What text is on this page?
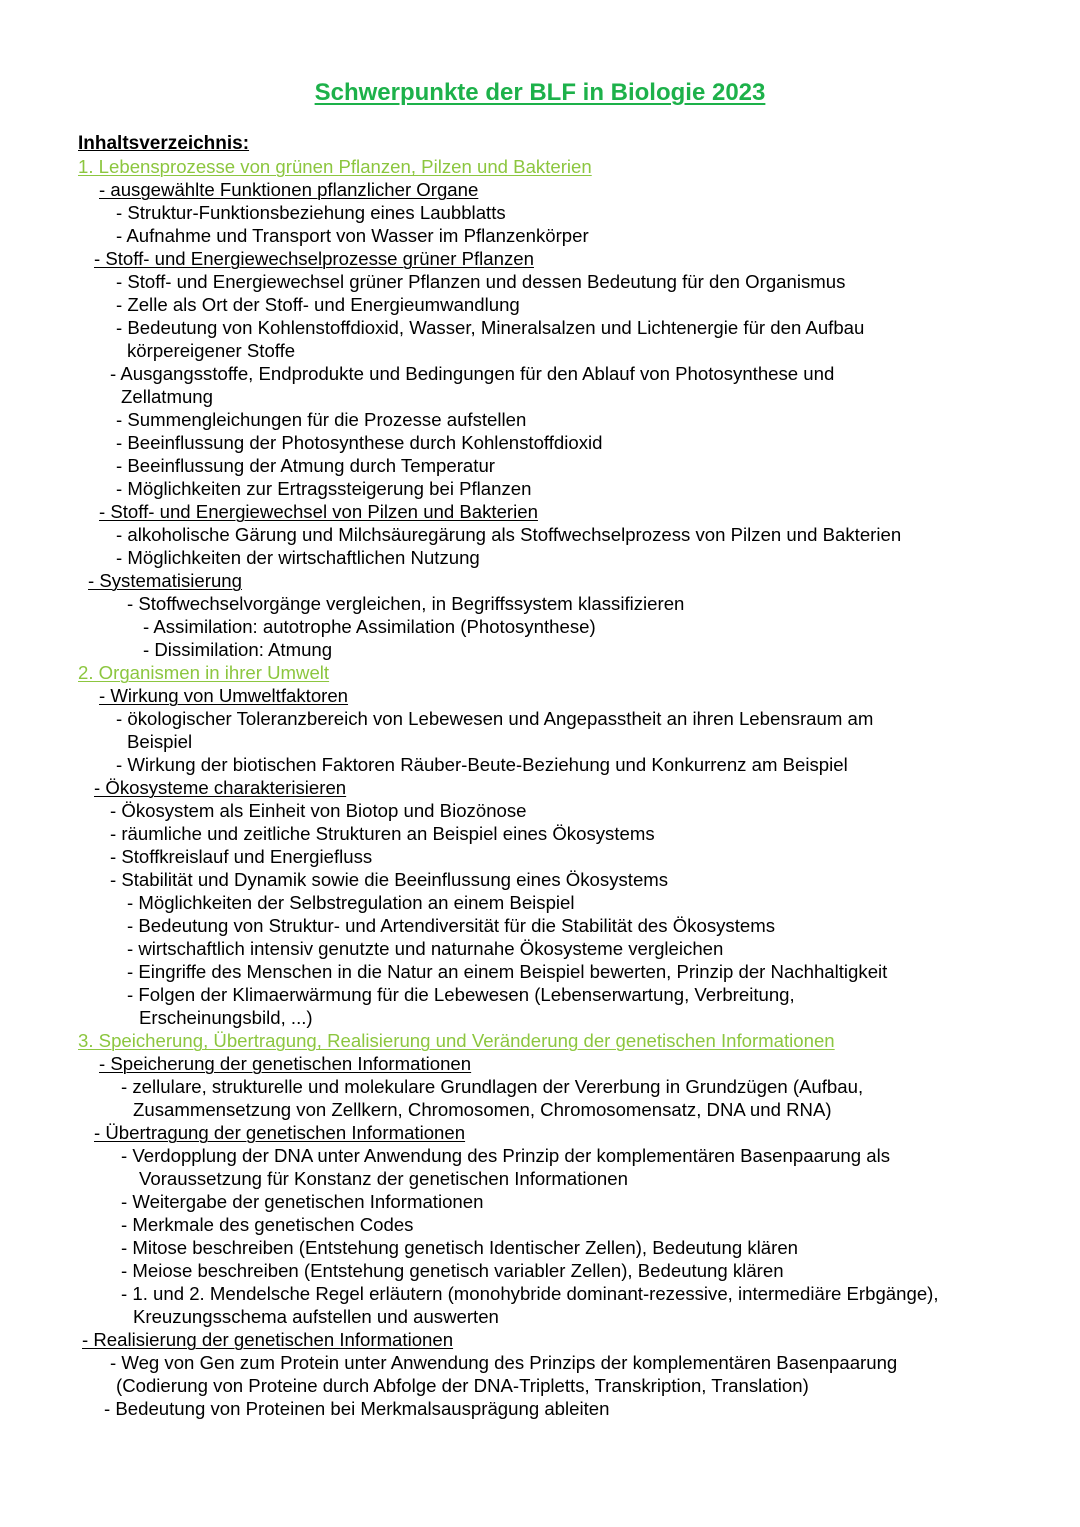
Schwerpunkte der BLF in Biologie 2023
Inhaltsverzeichnis:
1. Lebensprozesse von grünen Pflanzen, Pilzen und Bakterien
- ausgewählte Funktionen pflanzlicher Organe
- Struktur-Funktionsbeziehung eines Laubblatts
- Aufnahme und Transport von Wasser im Pflanzenkörper
- Stoff- und Energiewechselprozesse grüner Pflanzen
- Stoff- und Energiewechsel grüner Pflanzen und dessen Bedeutung für den Organismus
- Zelle als Ort der Stoff- und Energieumwandlung
- Bedeutung von Kohlenstoffdioxid, Wasser, Mineralsalzen und Lichtenergie für den Aufbau
körpereigener Stoffe
- Ausgangsstoffe, Endprodukte und Bedingungen für den Ablauf von Photosynthese und
Zellatmung
- Summengleichungen für die Prozesse aufstellen
- Beeinflussung der Photosynthese durch Kohlenstoffdioxid
- Beeinflussung der Atmung durch Temperatur
- Möglichkeiten zur Ertragssteigerung bei Pflanzen
- Stoff- und Energiewechsel von Pilzen und Bakterien
- alkoholische Gärung und Milchsäuregärung als Stoffwechselprozess von Pilzen und Bakterien
- Möglichkeiten der wirtschaftlichen Nutzung
- Systematisierung
- Stoffwechselvorgänge vergleichen, in Begriffssystem klassifizieren
- Assimilation: autotrophe Assimilation (Photosynthese)
- Dissimilation: Atmung
2. Organismen in ihrer Umwelt
- Wirkung von Umweltfaktoren
- ökologischer Toleranzbereich von Lebewesen und Angepasstheit an ihren Lebensraum am
Beispiel
- Wirkung der biotischen Faktoren Räuber-Beute-Beziehung und Konkurrenz am Beispiel
- Ökosysteme charakterisieren
- Ökosystem als Einheit von Biotop und Biozönose
- räumliche und zeitliche Strukturen an Beispiel eines Ökosystems
- Stoffkreislauf und Energiefluss
- Stabilität und Dynamik sowie die Beeinflussung eines Ökosystems
- Möglichkeiten der Selbstregulation an einem Beispiel
- Bedeutung von Struktur- und Artendiversität für die Stabilität des Ökosystems
- wirtschaftlich intensiv genutzte und naturnahe Ökosysteme vergleichen
- Eingriffe des Menschen in die Natur an einem Beispiel bewerten, Prinzip der Nachhaltigkeit
- Folgen der Klimaerwärmung für die Lebewesen (Lebenserwartung, Verbreitung,
Erscheinungsbild, ...)
3. Speicherung, Übertragung, Realisierung und Veränderung der genetischen Informationen
- Speicherung der genetischen Informationen
- zellulare, strukturelle und molekulare Grundlagen der Vererbung in Grundzügen (Aufbau,
Zusammensetzung von Zellkern, Chromosomen, Chromosomensatz, DNA und RNA)
- Übertragung der genetischen Informationen
- Verdopplung der DNA unter Anwendung des Prinzip der komplementären Basenpaarung als
Voraussetzung für Konstanz der genetischen Informationen
- Weitergabe der genetischen Informationen
- Merkmale des genetischen Codes
- Mitose beschreiben (Entstehung genetisch Identischer Zellen), Bedeutung klären
- Meiose beschreiben (Entstehung genetisch variabler Zellen), Bedeutung klären
- 1. und 2. Mendelsche Regel erläutern (monohybride dominant-rezessive, intermediäre Erbgänge),
Kreuzungsschema aufstellen und auswerten
- Realisierung der genetischen Informationen
- Weg von Gen zum Protein unter Anwendung des Prinzips der komplementären Basenpaarung
(Codierung von Proteine durch Abfolge der DNA-Tripletts, Transkription, Translation)
- Bedeutung von Proteinen bei Merkmalsausprägung ableiten
